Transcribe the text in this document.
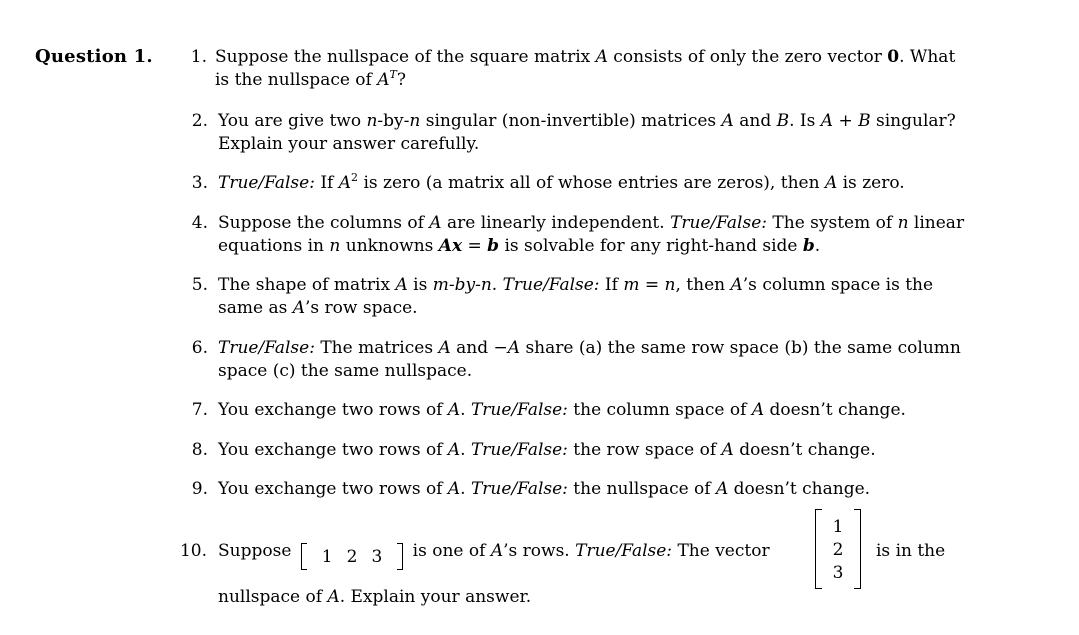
Question 1.	1. Suppose the nullspace of the square matrix A consists of only the zero vector 0. What
is the nullspace of $A^T$?
2. You are give two n-by-n singular (non-invertible) matrices A and B. Is A + B singular?
Explain your answer carefully.
3. True/False: If $A^2$ is zero (a matrix all of whose entries are zeros), then A is zero.
4. Suppose the columns of A are linearly independent. True/False: The system of n linear
equations in n unknowns Ax = b is solvable for any right-hand side b.
5. The shape of matrix A is m-by-n. True/False: If m = n, then A’s column space is the
same as A’s row space.
6. True/False: The matrices A and −A share (a) the same row space (b) the same column
space (c) the same nullspace.
7. You exchange two rows of A. True/False: the column space of A doesn’t change.
8. You exchange two rows of A. True/False: the row space of A doesn’t change.
9. You exchange two rows of A. True/False: the nullspace of A doesn’t change.
10. Suppose
1 2 3
is one of A’s rows. True/False: The vector	is in the
1
2
3
nullspace of A. Explain your answer.
